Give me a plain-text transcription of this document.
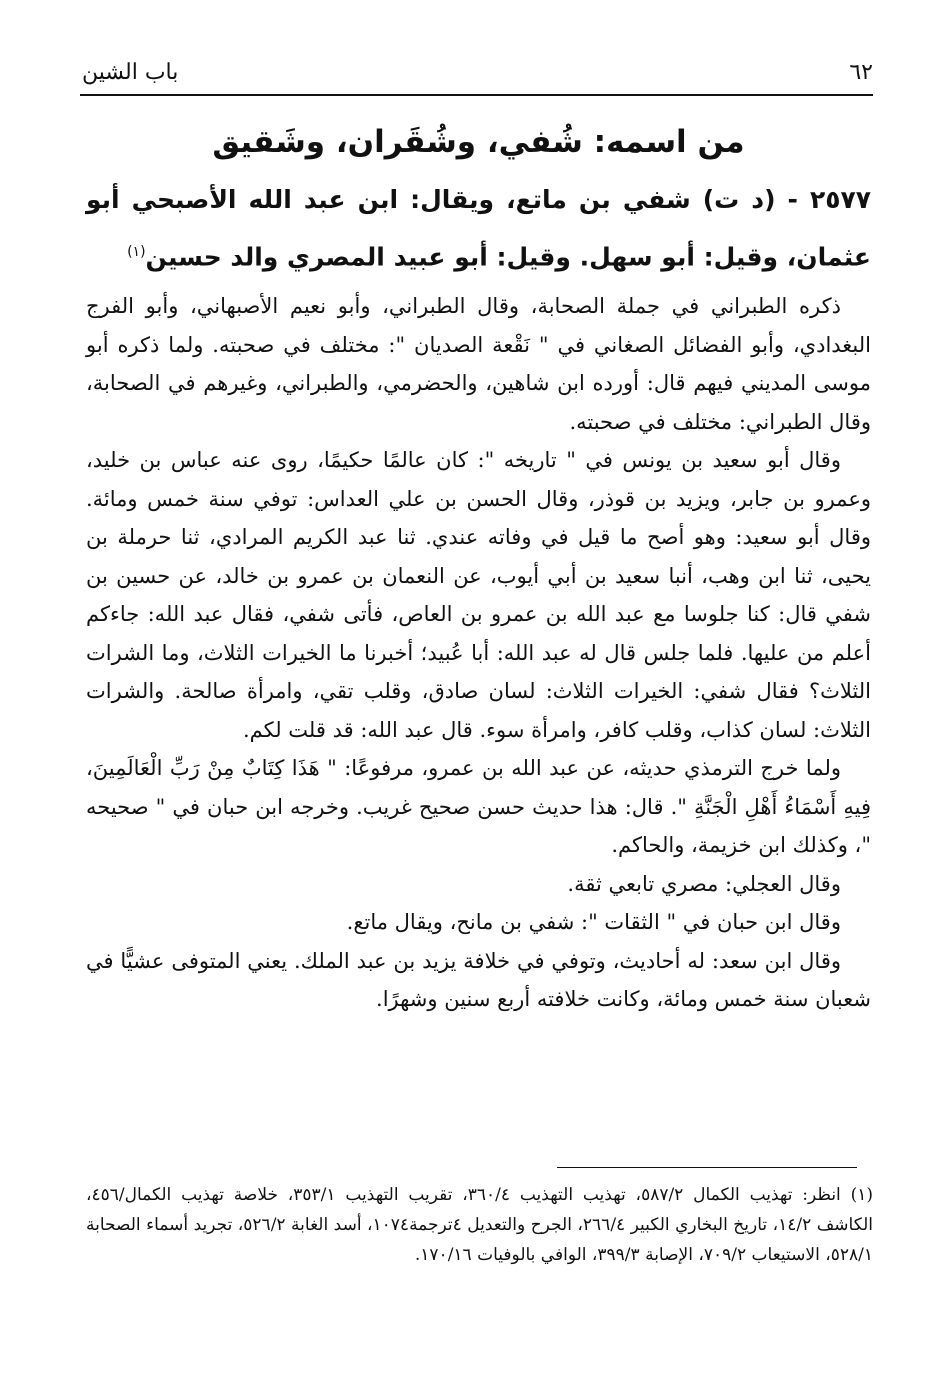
٦٢
باب الشين
من اسمه: شُفي، وشُقَران، وشَقيق
٢٥٧٧ - (د ت) شفي بن ماتع، ويقال: ابن عبد الله الأصبحي أبو عثمان، وقيل: أبو سهل. وقيل: أبو عبيد المصري والد حسين$^{(١)}$

ذكره الطبراني في جملة الصحابة، وقال الطبراني، وأبو نعيم الأصبهاني، وأبو الفرج البغدادي، وأبو الفضائل الصغاني في " نَقْعة الصديان ": مختلف في صحبته. ولما ذكره أبو موسى المديني فيهم قال: أورده ابن شاهين، والحضرمي، والطبراني، وغيرهم في الصحابة، وقال الطبراني: مختلف في صحبته.

وقال أبو سعيد بن يونس في " تاريخه ": كان عالمًا حكيمًا، روى عنه عباس بن خليد، وعمرو بن جابر، ويزيد بن قوذر، وقال الحسن بن علي العداس: توفي سنة خمس ومائة. وقال أبو سعيد: وهو أصح ما قيل في وفاته عندي. ثنا عبد الكريم المرادي، ثنا حرملة بن يحيى، ثنا ابن وهب، أنبا سعيد بن أبي أيوب، عن النعمان بن عمرو بن خالد، عن حسين بن شفي قال: كنا جلوسا مع عبد الله بن عمرو بن العاص، فأتى شفي، فقال عبد الله: جاءكم أعلم من عليها. فلما جلس قال له عبد الله: أبا عُبيد؛ أخبرنا ما الخيرات الثلاث، وما الشرات الثلاث؟ فقال شفي: الخيرات الثلاث: لسان صادق، وقلب تقي، وامرأة صالحة. والشرات الثلاث: لسان كذاب، وقلب كافر، وامرأة سوء. قال عبد الله: قد قلت لكم.

ولما خرج الترمذي حديثه، عن عبد الله بن عمرو، مرفوعًا: " هَذَا كِتَابٌ مِنْ رَبِّ الْعَالَمِينَ، فِيهِ أَسْمَاءُ أَهْلِ الْجَنَّةِ ". قال: هذا حديث حسن صحيح غريب. وخرجه ابن حبان في " صحيحه "، وكذلك ابن خزيمة، والحاكم.

وقال العجلي: مصري تابعي ثقة.

وقال ابن حبان في " الثقات ": شفي بن مانح، ويقال ماتع.

وقال ابن سعد: له أحاديث، وتوفي في خلافة يزيد بن عبد الملك. يعني المتوفى عشيًّا في شعبان سنة خمس ومائة، وكانت خلافته أربع سنين وشهرًا.

(١) انظر: تهذيب الكمال ٥٨٧/٢، تهذيب التهذيب ٣٦٠/٤، تقريب التهذيب ٣٥٣/١، خلاصة تهذيب الكمال/٤٥٦، الكاشف ١٤/٢، تاريخ البخاري الكبير ٢٦٦/٤، الجرح والتعديل ٤ترجمة١٠٧٤، أسد الغابة ٥٢٦/٢، تجريد أسماء الصحابة ٥٢٨/١، الاستيعاب ٧٠٩/٢، الإصابة ٣٩٩/٣، الوافي بالوفيات ١٧٠/١٦.
